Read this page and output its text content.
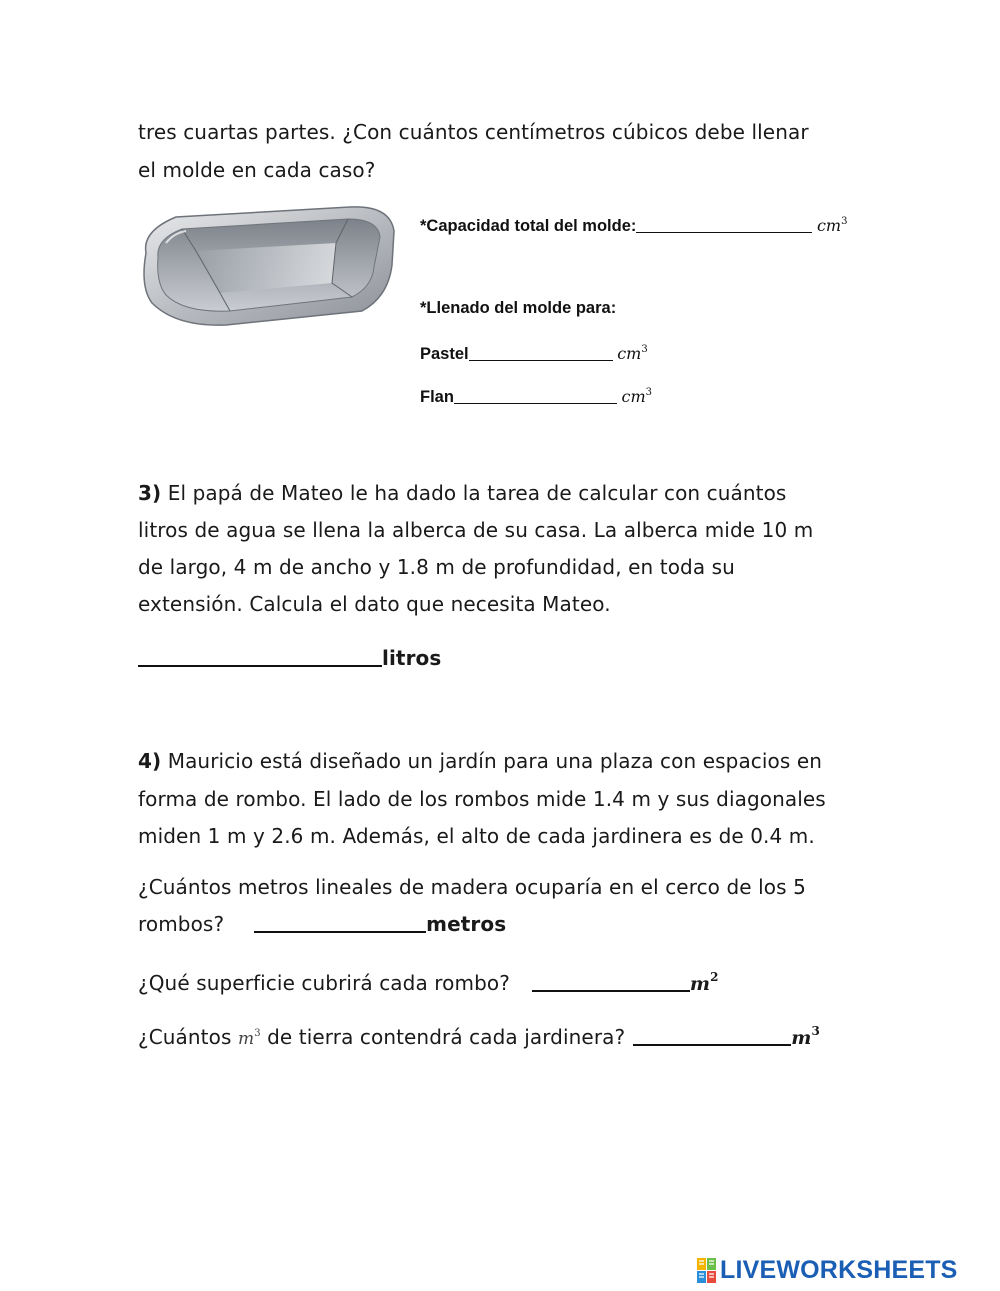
tres cuartas partes. ¿Con cuántos centímetros cúbicos debe llenar
el molde en cada caso?
*Capacidad total del molde:	$cm^3$
*Llenado del molde para:
Pastel	$cm^3$
Flan	$cm^3$
3) El papá de Mateo le ha dado la tarea de calcular con cuántos
litros de agua se llena la alberca de su casa. La alberca mide 10 m
de largo, 4 m de ancho y 1.8 m de profundidad, en toda su
extensión. Calcula el dato que necesita Mateo.
litros
4) Mauricio está diseñado un jardín para una plaza con espacios en
forma de rombo. El lado de los rombos mide 1.4 m y sus diagonales
miden 1 m y 2.6 m. Además, el alto de cada jardinera es de 0.4 m.
¿Cuántos metros lineales de madera ocuparía en el cerco de los 5
rombos?	metros
¿Qué superficie cubrirá cada rombo?	$m^2$
¿Cuántos $m^3$ de tierra contendrá cada jardinera?	$m^3$
LIVEWORKSHEETS
